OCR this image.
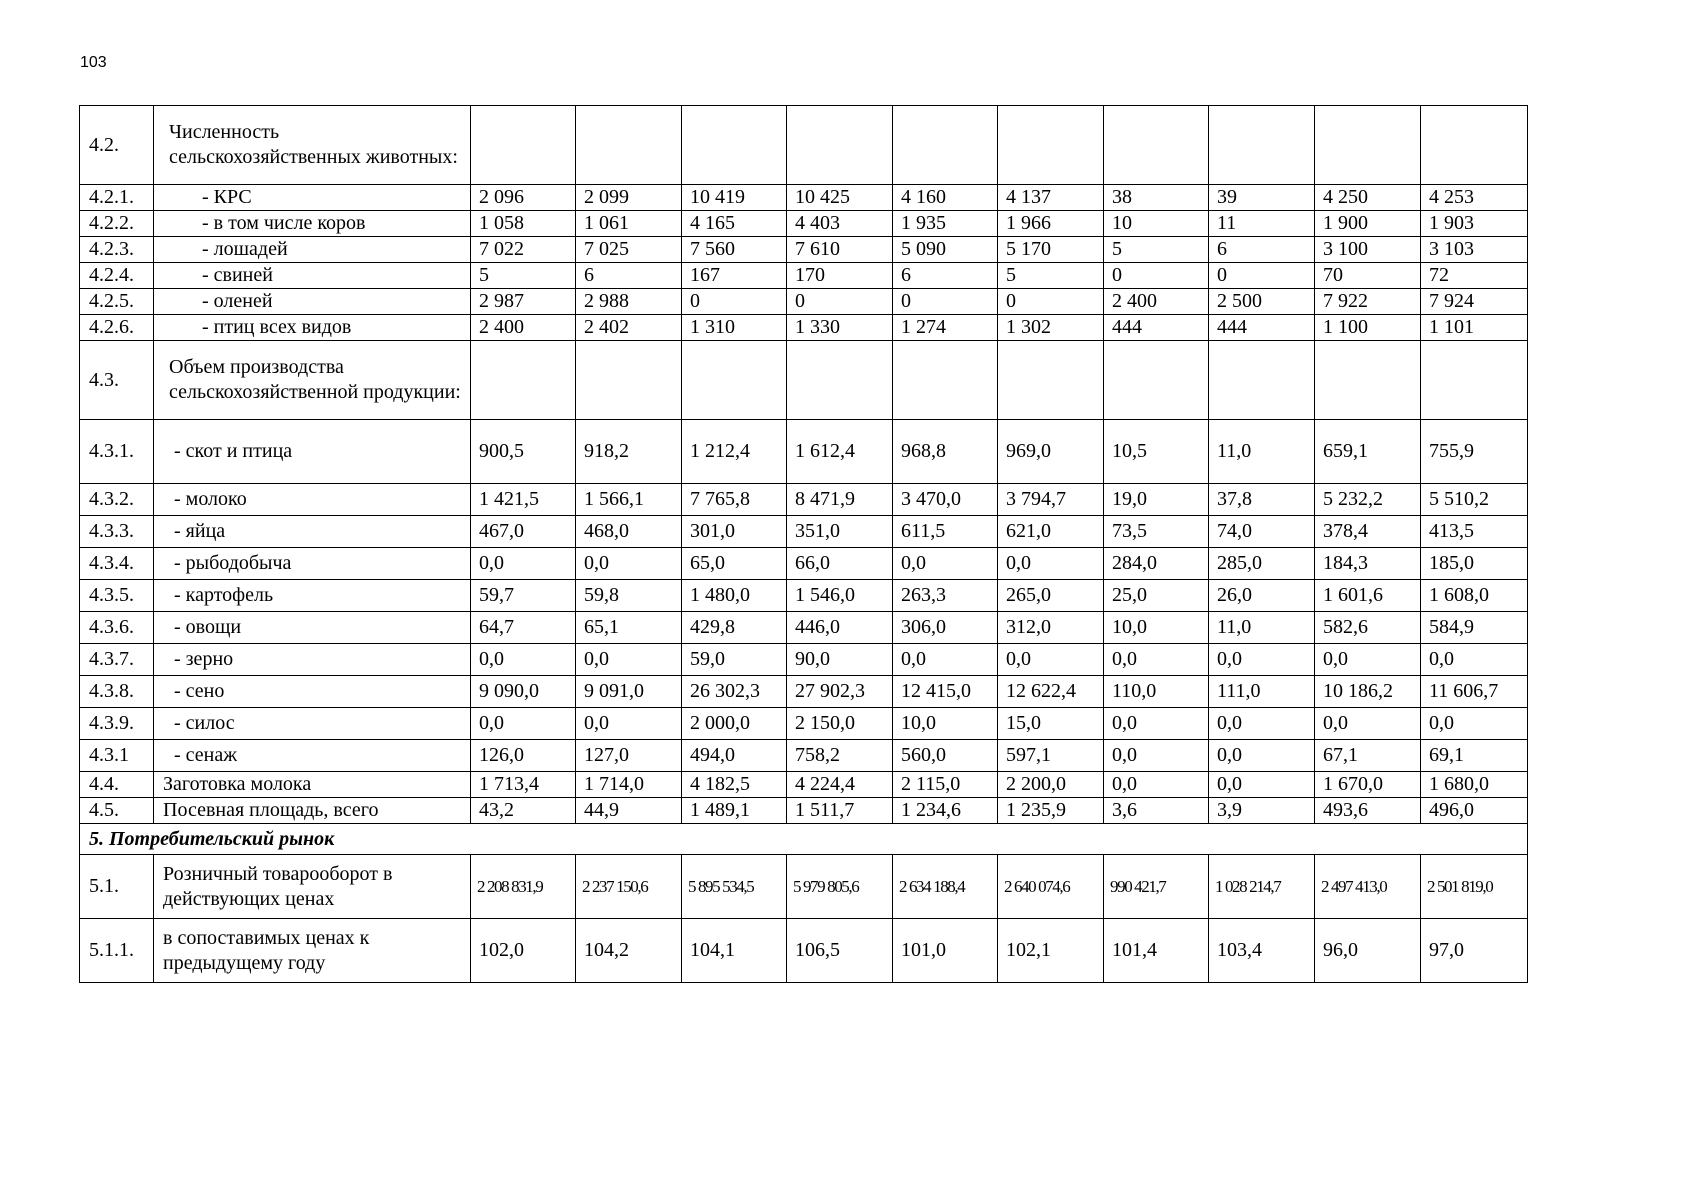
103
4.2.	Численность сельскохозяйственных животных:										
4.2.1.	- КРС	2 096	2 099	10 419	10 425	4 160	4 137	38	39	4 250	4 253
4.2.2.	- в том числе коров	1 058	1 061	4 165	4 403	1 935	1 966	10	11	1 900	1 903
4.2.3.	- лошадей	7 022	7 025	7 560	7 610	5 090	5 170	5	6	3 100	3 103
4.2.4.	- свиней	5	6	167	170	6	5	0	0	70	72
4.2.5.	- оленей	2 987	2 988	0	0	0	0	2 400	2 500	7 922	7 924
4.2.6.	- птиц всех видов	2 400	2 402	1 310	1 330	1 274	1 302	444	444	1 100	1 101
4.3.	Объем производства сельскохозяйственной продукции:										
4.3.1.	- скот и птица	900,5	918,2	1 212,4	1 612,4	968,8	969,0	10,5	11,0	659,1	755,9
4.3.2.	- молоко	1 421,5	1 566,1	7 765,8	8 471,9	3 470,0	3 794,7	19,0	37,8	5 232,2	5 510,2
4.3.3.	- яйца	467,0	468,0	301,0	351,0	611,5	621,0	73,5	74,0	378,4	413,5
4.3.4.	- рыбодобыча	0,0	0,0	65,0	66,0	0,0	0,0	284,0	285,0	184,3	185,0
4.3.5.	- картофель	59,7	59,8	1 480,0	1 546,0	263,3	265,0	25,0	26,0	1 601,6	1 608,0
4.3.6.	- овощи	64,7	65,1	429,8	446,0	306,0	312,0	10,0	11,0	582,6	584,9
4.3.7.	- зерно	0,0	0,0	59,0	90,0	0,0	0,0	0,0	0,0	0,0	0,0
4.3.8.	- сено	9 090,0	9 091,0	26 302,3	27 902,3	12 415,0	12 622,4	110,0	111,0	10 186,2	11 606,7
4.3.9.	- силос	0,0	0,0	2 000,0	2 150,0	10,0	15,0	0,0	0,0	0,0	0,0
4.3.1	- сенаж	126,0	127,0	494,0	758,2	560,0	597,1	0,0	0,0	67,1	69,1
4.4.	Заготовка молока	1 713,4	1 714,0	4 182,5	4 224,4	2 115,0	2 200,0	0,0	0,0	1 670,0	1 680,0
4.5.	Посевная площадь, всего	43,2	44,9	1 489,1	1 511,7	1 234,6	1 235,9	3,6	3,9	493,6	496,0
5. Потребительский рынок											
5.1.	Розничный товарооборот в действующих ценах	2 208 831,9	2 237 150,6	5 895 534,5	5 979 805,6	2 634 188,4	2 640 074,6	990 421,7	1 028 214,7	2 497 413,0	2 501 819,0
5.1.1.	в сопоставимых ценах к предыдущему году	102,0	104,2	104,1	106,5	101,0	102,1	101,4	103,4	96,0	97,0
